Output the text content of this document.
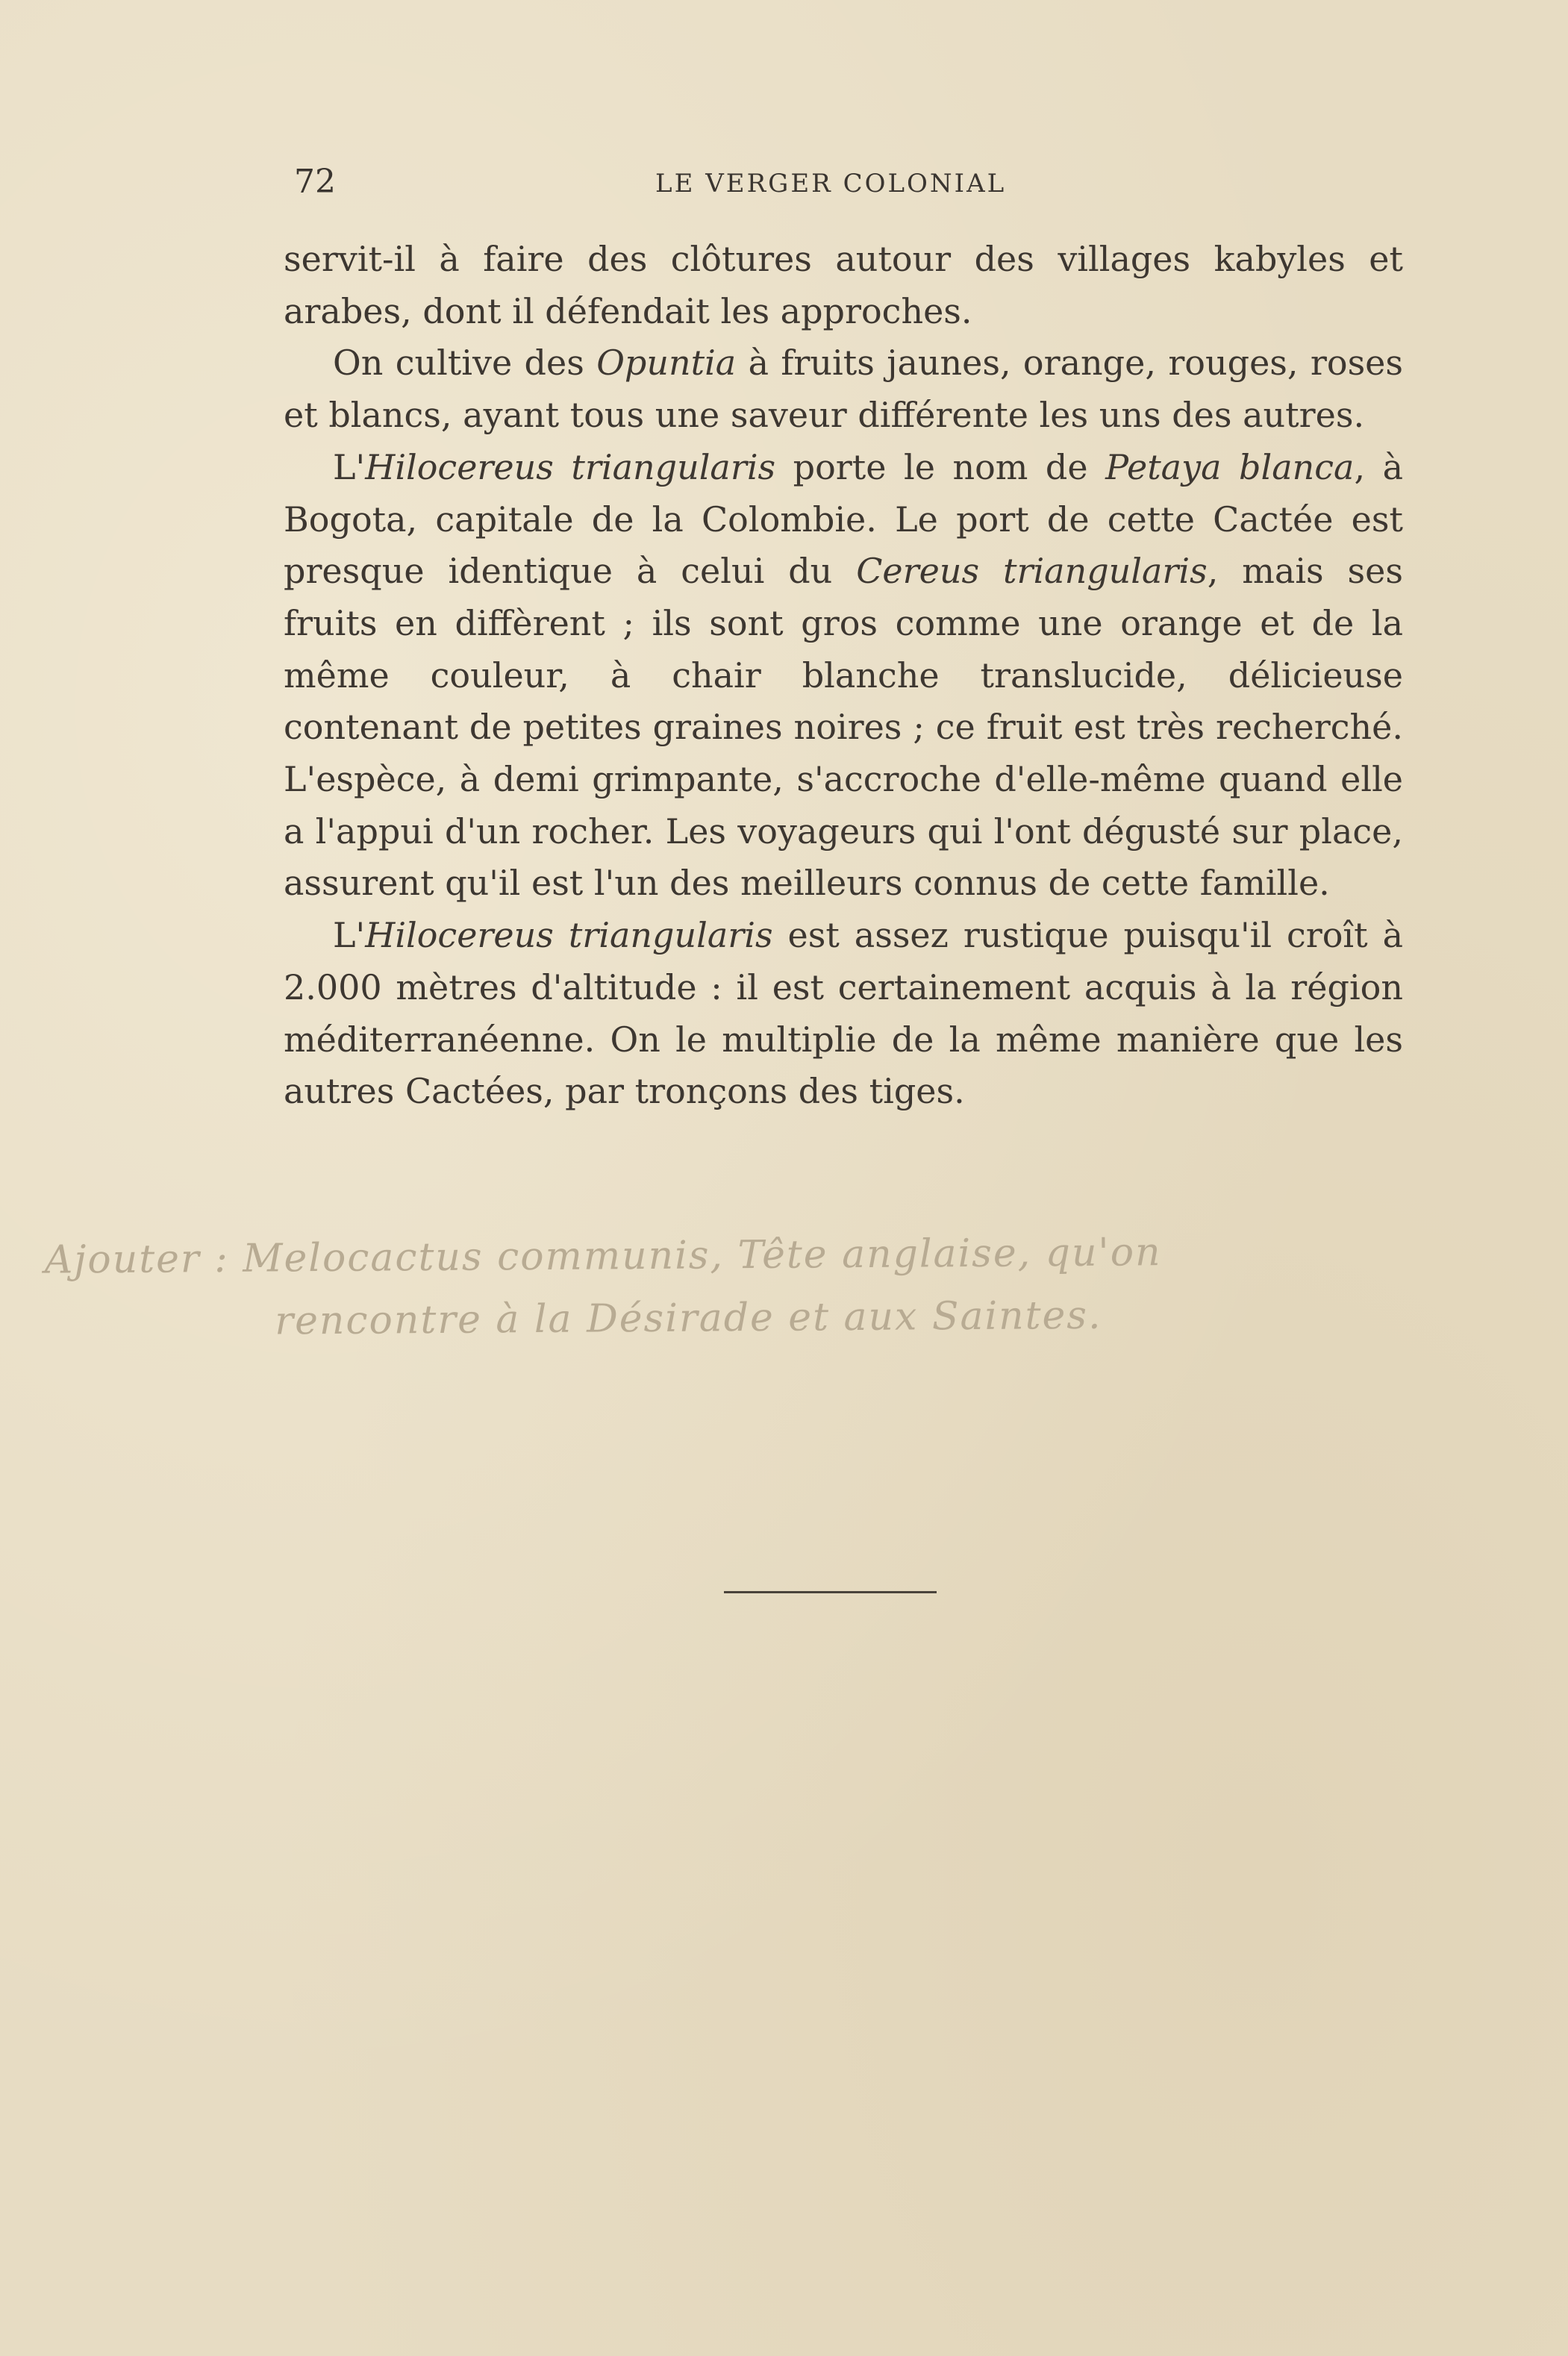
72	LE VERGER COLONIAL

servit-il à faire des clôtures autour des villages kabyles et arabes, dont il défendait les approches.

On cultive des Opuntia à fruits jaunes, orange, rouges, roses et blancs, ayant tous une saveur différente les uns des autres.

L'Hilocereus triangularis porte le nom de Petaya blanca, à Bogota, capitale de la Colombie. Le port de cette Cactée est presque identique à celui du Cereus triangularis, mais ses fruits en diffèrent ; ils sont gros comme une orange et de la même couleur, à chair blanche translucide, délicieuse contenant de petites graines noires ; ce fruit est très recherché. L'espèce, à demi grimpante, s'accroche d'elle-même quand elle a l'appui d'un rocher. Les voyageurs qui l'ont dégusté sur place, assurent qu'il est l'un des meilleurs connus de cette famille.

L'Hilocereus triangularis est assez rustique puisqu'il croît à 2.000 mètres d'altitude : il est certainement acquis à la région méditerranéenne. On le multiplie de la même manière que les autres Cactées, par tronçons des tiges.

Ajouter : Melocactus communis, Tête anglaise, qu'on
rencontre à la Désirade et aux Saintes.
